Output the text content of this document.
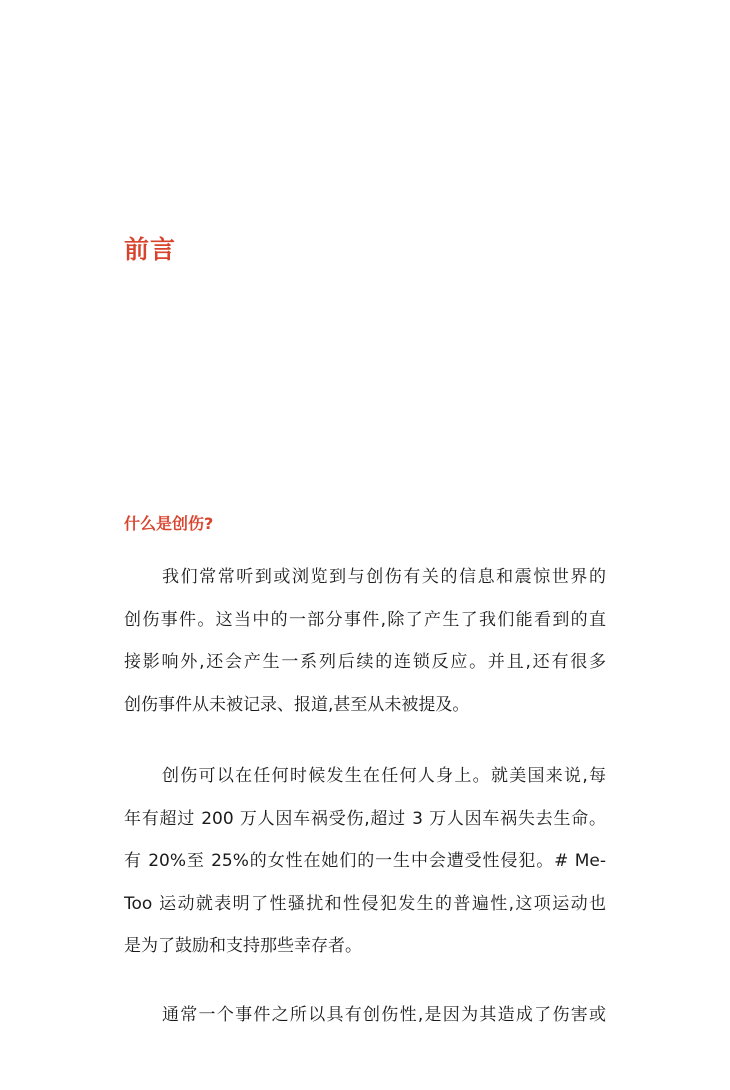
前言
什么是创伤?
我们常常听到或浏览到与创伤有关的信息和震惊世界的
创伤事件。这当中的一部分事件,除了产生了我们能看到的直
接影响外,还会产生一系列后续的连锁反应。并且,还有很多
创伤事件从未被记录、报道,甚至从未被提及。
创伤可以在任何时候发生在任何人身上。就美国来说,每
年有超过 200 万人因车祸受伤,超过 3 万人因车祸失去生命。
有 20%至 25%的女性在她们的一生中会遭受性侵犯。# Me-
Too 运动就表明了性骚扰和性侵犯发生的普遍性,这项运动也
是为了鼓励和支持那些幸存者。
通常一个事件之所以具有创伤性,是因为其造成了伤害或
